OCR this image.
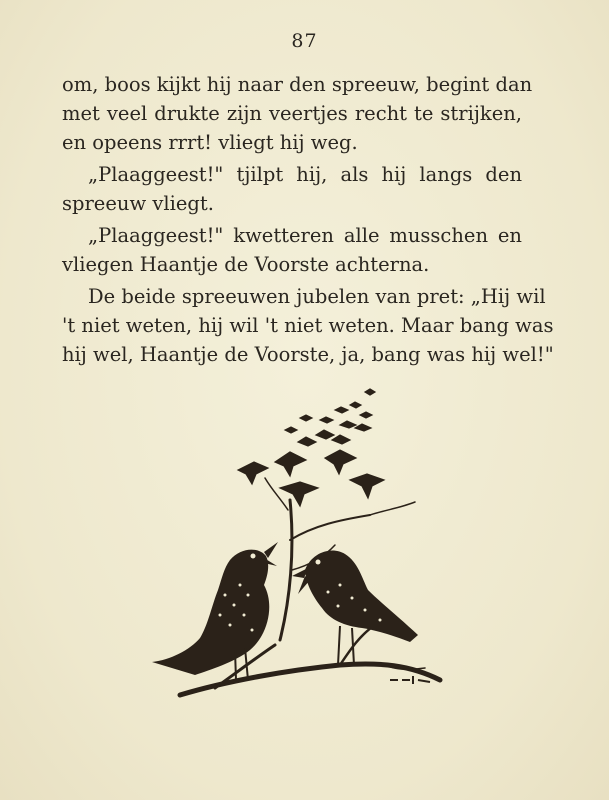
87

om, boos kijkt hij naar den spreeuw, begint dan
met veel drukte zijn veertjes recht te strijken,
en opeens rrrt! vliegt hij weg.

„Plaaggeest!" tjilpt hij, als hij langs den
spreeuw vliegt.

„Plaaggeest!" kwetteren alle musschen en
vliegen Haantje de Voorste achterna.

De beide spreeuwen jubelen van pret: „Hij wil
't niet weten, hij wil 't niet weten. Maar bang was
hij wel, Haantje de Voorste, ja, bang was hij wel!"
